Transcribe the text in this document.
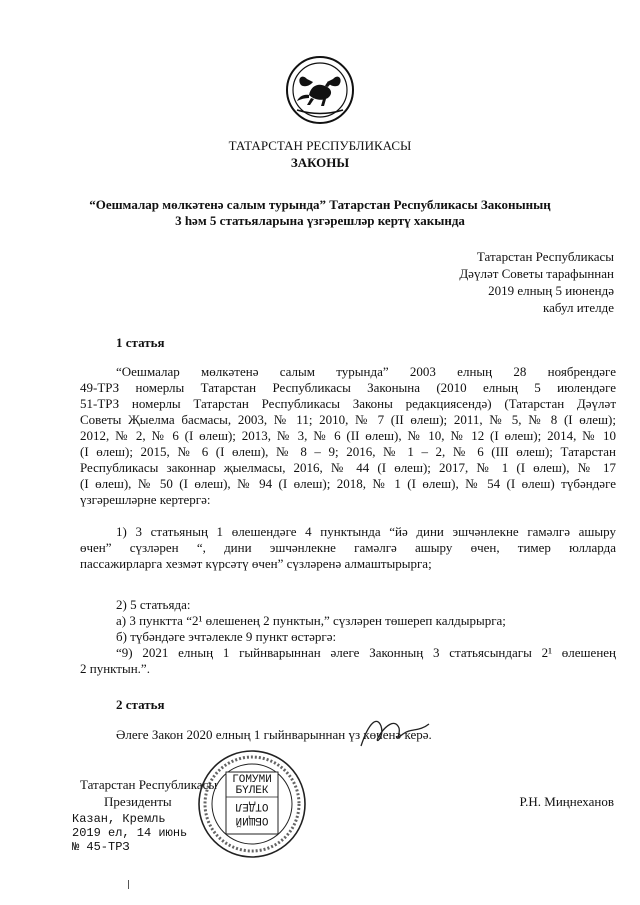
ТАТАРСТАН РЕСПУБЛИКАСЫ
ЗАКОНЫ
“Оешмалар мөлкәтенә салым турында” Татарстан Республикасы Законының
3 һәм 5 статьяларына үзгәрешләр кертү хакында
Татарстан Республикасы
Дәүләт Советы тарафыннан
2019 елның 5 июнендә
кабул ителде
1 статья
“Оешмалар мөлкәтенә салым турында” 2003 елның 28 ноябрендәге
49-ТРЗ номерлы Татарстан Республикасы Законына (2010 елның 5 июлендәге
51-ТРЗ номерлы Татарстан Республикасы Законы редакциясендә) (Татарстан Дәүләт
Советы Җыелма басмасы, 2003, № 11; 2010, № 7 (II өлеш); 2011, № 5, № 8 (I өлеш);
2012, № 2, № 6 (I өлеш); 2013, № 3, № 6 (II өлеш), № 10, № 12 (I өлеш); 2014, № 10
(I өлеш); 2015, № 6 (I өлеш), № 8 – 9; 2016, № 1 – 2, № 6 (III өлеш); Татарстан
Республикасы законнар җыелмасы, 2016, № 44 (I өлеш); 2017, № 1 (I өлеш), № 17
(I өлеш), № 50 (I өлеш), № 94 (I өлеш); 2018, № 1 (I өлеш), № 54 (I өлеш) түбәндәге
үзгәрешләрне кертергә:
1) 3 статьяның 1 өлешендәге 4 пунктында “йә дини эшчәнлекне гамәлгә ашыру
өчен” сүзләрен “, дини эшчәнлекне гамәлгә ашыру өчен, тимер юлларда
пассажирларга хезмәт күрсәтү өчен” сүзләренә алмаштырырга;
2) 5 статьяда:
а) 3 пунктта “2¹ өлешенең 2 пунктын,” сүзләрен төшереп калдырырга;
б) түбәндәге эчтәлекле 9 пункт өстәргә:
“9) 2021 елның 1 гыйнварыннан әлеге Законның 3 статьясындагы 2¹ өлешенең
2 пунктын.”.
2 статья
Әлеге Закон 2020 елның 1 гыйнварыннан үз көченә керә.
Татарстан Республикасы
Президенты	Р.Н. Миңнеханов
ГОМУМИ
БҮЛЕК
ОТДЕЛ
ОБЩИЙ
Казан, Кремль
2019 ел, 14 июнь
№ 45-ТРЗ
